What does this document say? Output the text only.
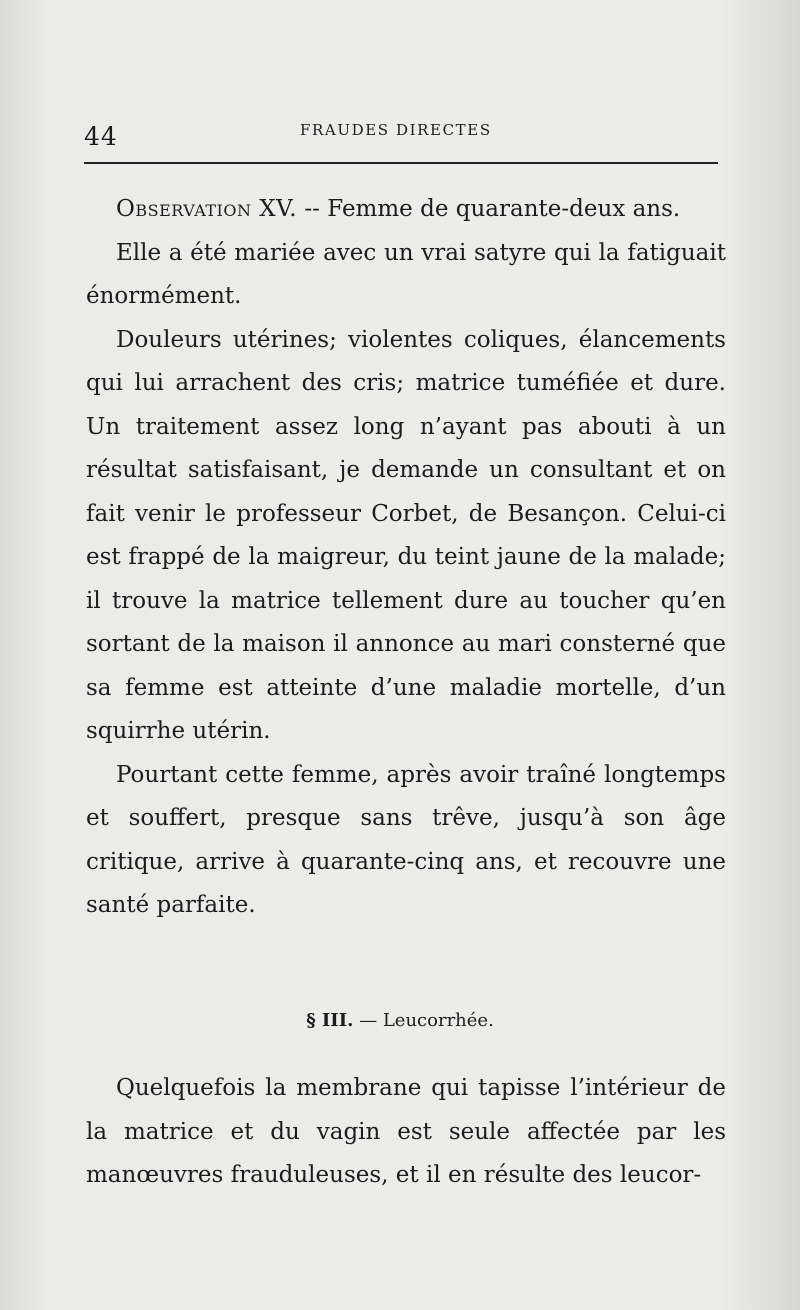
44	FRAUDES DIRECTES

Observation XV. -- Femme de quarante-deux ans.

Elle a été mariée avec un vrai satyre qui la fatiguait énormément.

Douleurs utérines; violentes coliques, élancements qui lui arrachent des cris; matrice tuméfiée et dure. Un traitement assez long n’ayant pas abouti à un résultat satisfaisant, je demande un consultant et on fait venir le professeur Corbet, de Besançon. Celui-ci est frappé de la maigreur, du teint jaune de la malade; il trouve la matrice tellement dure au toucher qu’en sortant de la maison il annonce au mari consterné que sa femme est atteinte d’une maladie mortelle, d’un squirrhe utérin.

Pourtant cette femme, après avoir traîné longtemps et souffert, presque sans trêve, jusqu’à son âge critique, arrive à quarante-cinq ans, et recouvre une santé parfaite.

§ III. — Leucorrhée.

Quelquefois la membrane qui tapisse l’intérieur de la matrice et du vagin est seule affectée par les manœuvres frauduleuses, et il en résulte des leucor-
